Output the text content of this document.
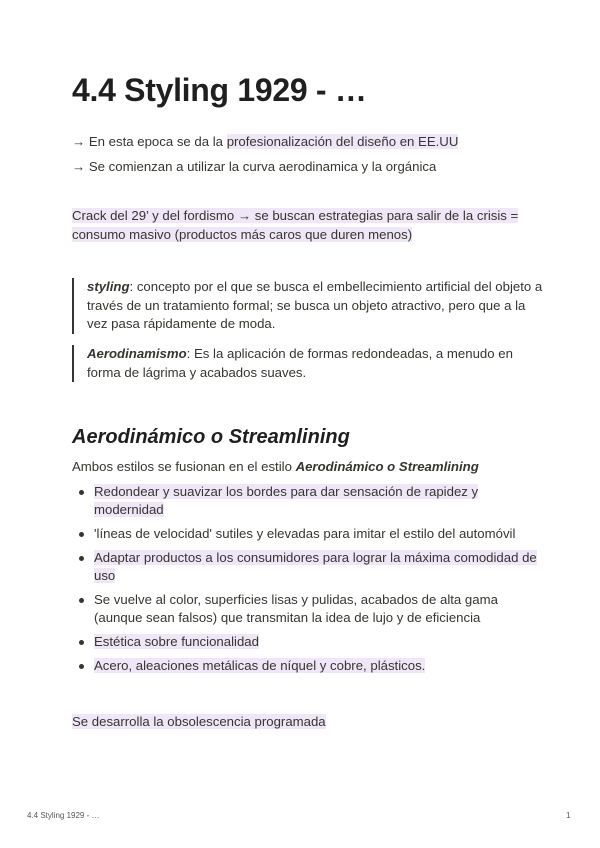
4.4 Styling 1929 - …
→ En esta epoca se da la profesionalización del diseño en EE.UU
→ Se comienzan a utilizar la curva aerodinamica y la orgánica
Crack del 29’ y del fordismo → se buscan estrategias para salir de la crisis = consumo masivo (productos más caros que duren menos)
styling: concepto por el que se busca el embellecimiento artificial del objeto a través de un tratamiento formal; se busca un objeto atractivo, pero que a la vez pasa rápidamente de moda.
Aerodinamismo: Es la aplicación de formas redondeadas, a menudo en forma de lágrima y acabados suaves.
Aerodinámico o Streamlining
Ambos estilos se fusionan en el estilo Aerodinámico o Streamlining
Redondear y suavizar los bordes para dar sensación de rapidez y modernidad
'líneas de velocidad' sutiles y elevadas para imitar el estilo del automóvil
Adaptar productos a los consumidores para lograr la máxima comodidad de uso
Se vuelve al color, superficies lisas y pulidas, acabados de alta gama (aunque sean falsos) que transmitan la idea de lujo y de eficiencia
Estética sobre funcionalidad
Acero, aleaciones metálicas de níquel y cobre, plásticos.
Se desarrolla la obsolescencia programada
4.4 Styling 1929 - …	1
